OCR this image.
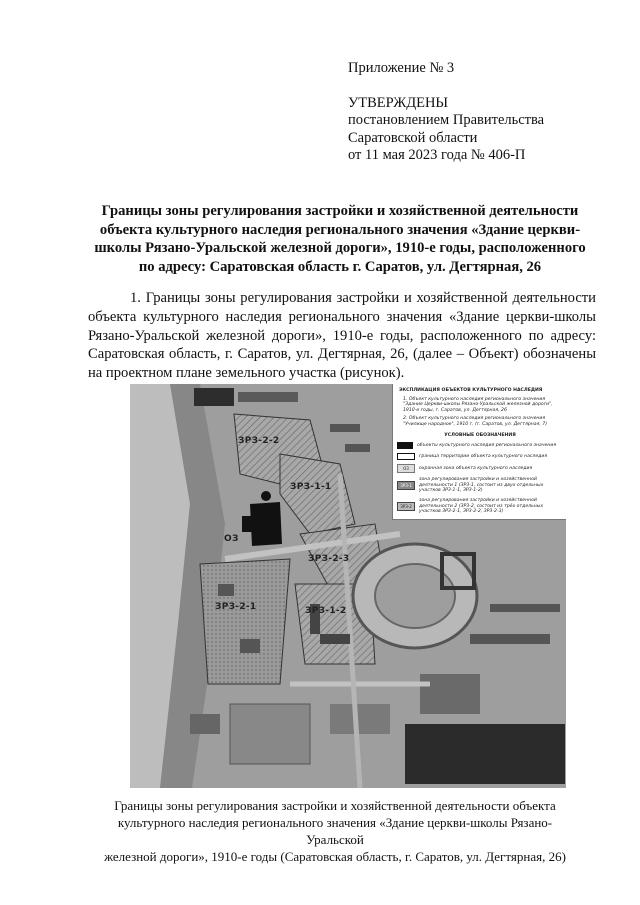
Приложение № 3
УТВЕРЖДЕНЫ
постановлением Правительства
Саратовской области
от 11 мая 2023 года № 406-П
Границы зоны регулирования застройки и хозяйственной деятельности
объекта культурного наследия регионального значения «Здание церкви-
школы Рязано-Уральской железной дороги», 1910-е годы, расположенного
по адресу: Саратовская область г. Саратов, ул. Дегтярная, 26
1. Границы зоны регулирования застройки и хозяйственной деятельности объекта культурного наследия регионального значения «Здание церкви-школы Рязано-Уральской железной дороги», 1910-е годы, расположенного по адресу: Саратовская область, г. Саратов, ул. Дегтярная, 26, (далее – Объект) обозначены на проектном плане земельного участка (рисунок).
ЗРЗ-2-2
ЗРЗ-1-1
ОЗ
ЗРЗ-2-3
ЗРЗ-2-1	ЗРЗ-1-2
ЭКСПЛИКАЦИЯ ОБЪЕКТОВ КУЛЬТУРНОГО НАСЛЕДИЯ
1. Объект культурного наследия регионального значения "Здание Церкви-школы Рязано-Уральской железной дороги", 1910-е годы, г. Саратов, ул. Дегтярная, 26
2. Объект культурного наследия регионального значения "Училище народное", 1910 г. (г. Саратов, ул. Дегтярная, 7)
УСЛОВНЫЕ ОБОЗНАЧЕНИЯ
объекты культурного наследия регионального значения
граница территории объекта культурного наследия
ОЗ	охранная зона объекта культурного наследия
ЗРЗ-1
зона регулирования застройки и хозяйственной деятельности 1 (ЗРЗ-1, состоит из двух отдельных участков ЗРЗ-1-1, ЗРЗ-1-2)
ЗРЗ-2
зона регулирования застройки и хозяйственной деятельности 2 (ЗРЗ-2, состоит из трёх отдельных участков ЗРЗ-2-1, ЗРЗ-2-2, ЗРЗ-2-3)
Границы зоны регулирования застройки и хозяйственной деятельности объекта
культурного наследия регионального значения «Здание церкви-школы Рязано-Уральской
железной дороги», 1910-е годы (Саратовская область, г. Саратов, ул. Дегтярная, 26)
